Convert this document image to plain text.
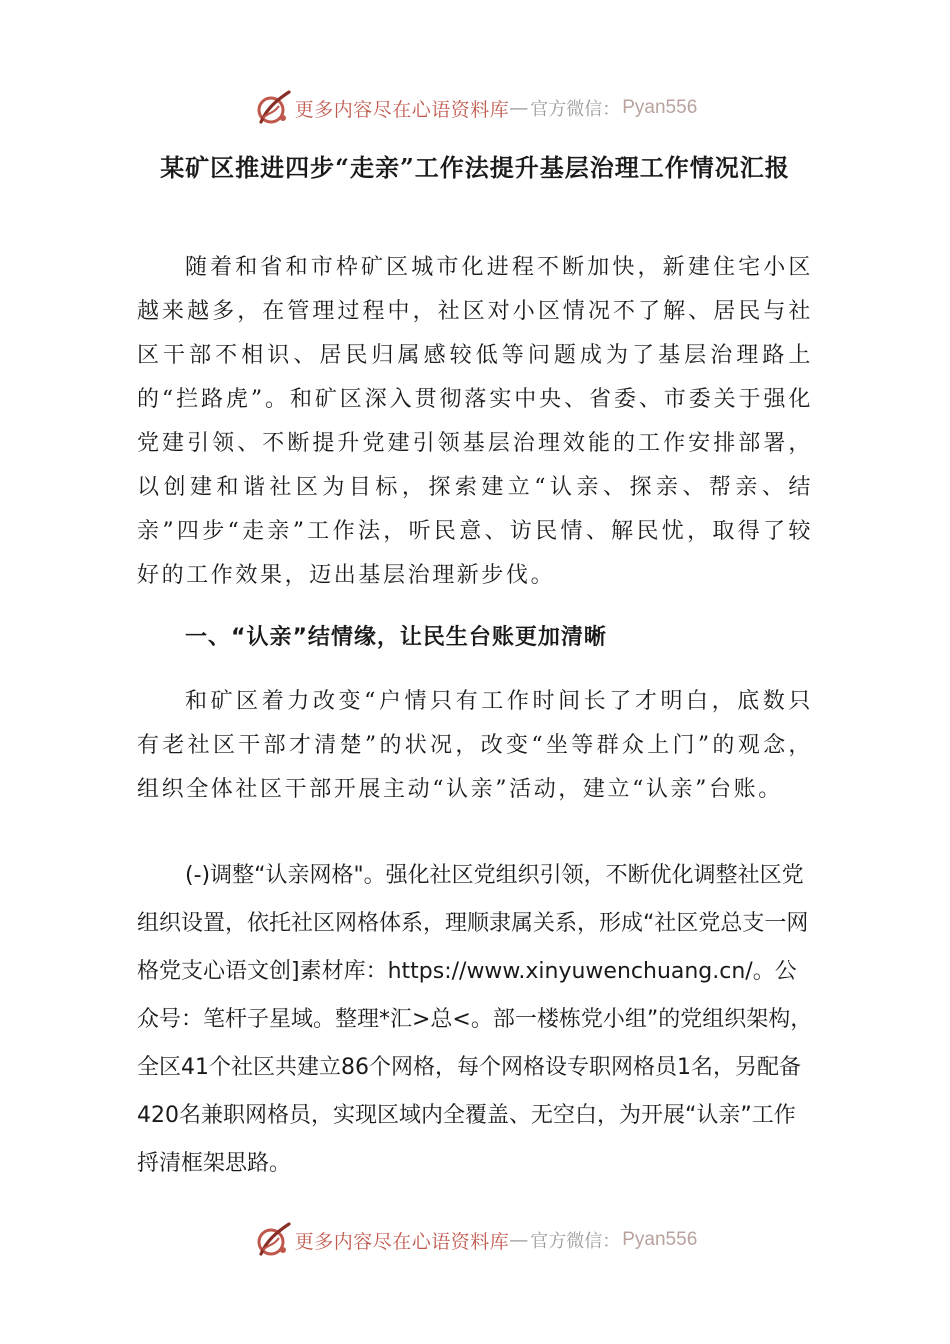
更多内容尽在心语资料库 — 官方微信： Pyan556
某矿区推进四步“走亲”工作法提升基层治理工作情况汇报
随着和省和市枠矿区城市化进程不断加快，新建住宅小区越来越多，在管理过程中，社区对小区情况不了解、居民与社区干部不相识、居民归属感较低等问题成为了基层治理路上的“拦路虎”。和矿区深入贯彻落实中央、省委、市委关于强化党建引领、不断提升党建引领基层治理效能的工作安排部署，以创建和谐社区为目标，探索建立“认亲、探亲、帮亲、结亲”四步“走亲”工作法，听民意、访民情、解民忧，取得了较好的工作效果，迈出基层治理新步伐。
一、“认亲”结情缘，让民生台账更加清晰
和矿区着力改变“户情只有工作时间长了才明白，底数只有老社区干部才清楚”的状况，改变“坐等群众上门”的观念，组织全体社区干部开展主动“认亲”活动，建立“认亲”台账。
(-)调整“认亲网格"。强化社区党组织引领，不断优化调整社区党组织设置，依托社区网格体系，理顺隶属关系，形成“社区党总支一网格党支心语文创]素材库：https://www.xinyuwenchuang.cn/。公众号：笔杆子星域。整理*汇>总<。部一楼栋党小组”的党组织架构，全区41个社区共建立86个网格，每个网格设专职网格员1名，另配备420名兼职网格员，实现区域内全覆盖、无空白，为开展“认亲”工作捋清框架思路。
更多内容尽在心语资料库 — 官方微信： Pyan556
